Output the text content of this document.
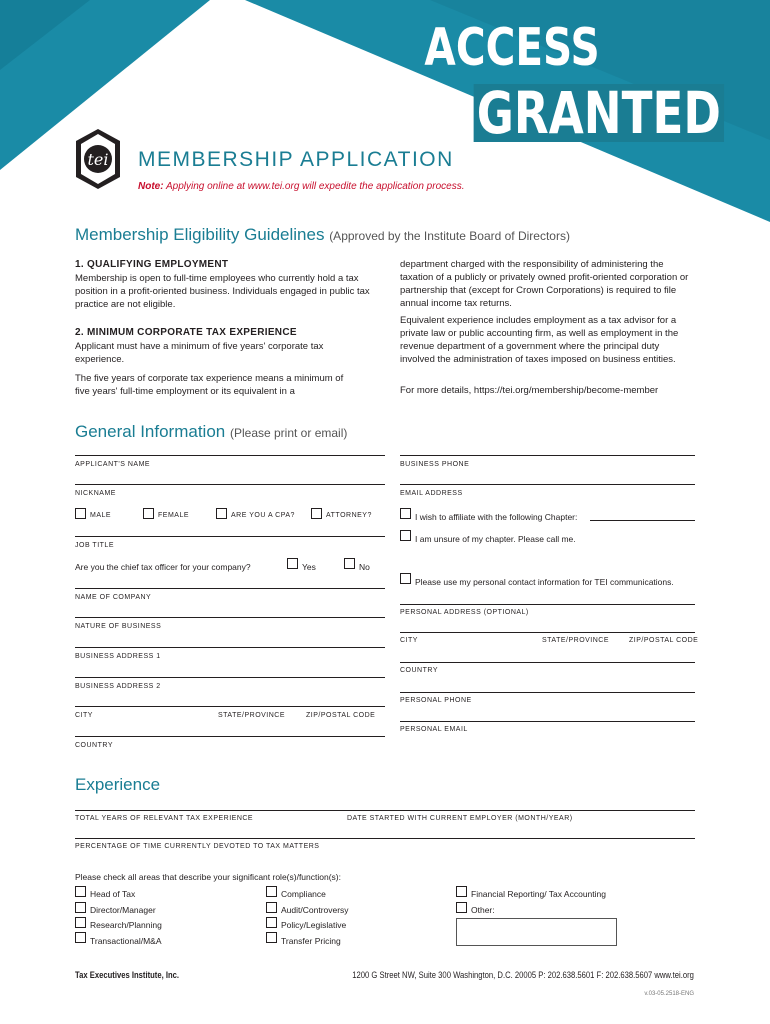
ACCESS
GRANTED
tei MEMBERSHIP APPLICATION
Note: Applying online at www.tei.org will expedite the application process.
Membership Eligibility Guidelines (Approved by the Institute Board of Directors)
1. QUALIFYING EMPLOYMENT
Membership is open to full-time employees who currently hold a tax position in a profit-oriented business. Individuals engaged in public tax practice are not eligible.
2. MINIMUM CORPORATE TAX EXPERIENCE
Applicant must have a minimum of five years' corporate tax experience.
The five years of corporate tax experience means a minimum of five years' full-time employment or its equivalent in a
department charged with the responsibility of administering the taxation of a publicly or privately owned profit-oriented corporation or partnership that (except for Crown Corporations) is required to file annual income tax returns.
Equivalent experience includes employment as a tax advisor for a private law or public accounting firm, as well as employment in the revenue department of a government where the principal duty involved the administration of taxes imposed on business entities.
For more details, https://tei.org/membership/become-member
General Information (Please print or email)
APPLICANT'S NAME
NICKNAME
MALE	FEMALE	ARE YOU A CPA?	ATTORNEY?
JOB TITLE
Are you the chief tax officer for your company?	Yes	No
NAME OF COMPANY
NATURE OF BUSINESS
BUSINESS ADDRESS 1
BUSINESS ADDRESS 2
CITY	STATE/PROVINCE	ZIP/POSTAL CODE
COUNTRY
BUSINESS PHONE
EMAIL ADDRESS
I wish to affiliate with the following Chapter:
I am unsure of my chapter. Please call me.
Please use my personal contact information for TEI communications.
PERSONAL ADDRESS (OPTIONAL)
CITY	STATE/PROVINCE	ZIP/POSTAL CODE
COUNTRY
PERSONAL PHONE
PERSONAL EMAIL
Experience
TOTAL YEARS OF RELEVANT TAX EXPERIENCE	DATE STARTED WITH CURRENT EMPLOYER (MONTH/YEAR)
PERCENTAGE OF TIME CURRENTLY DEVOTED TO TAX MATTERS
Please check all areas that describe your significant role(s)/function(s):
Head of Tax
Director/Manager
Research/Planning
Transactional/M&A
Compliance
Audit/Controversy
Policy/Legislative
Transfer Pricing
Financial Reporting/ Tax Accounting
Other:
Tax Executives Institute, Inc.	1200 G Street NW, Suite 300 Washington, D.C. 20005 P: 202.638.5601 F: 202.638.5607 www.tei.org
v.03-05.2518-ENG
